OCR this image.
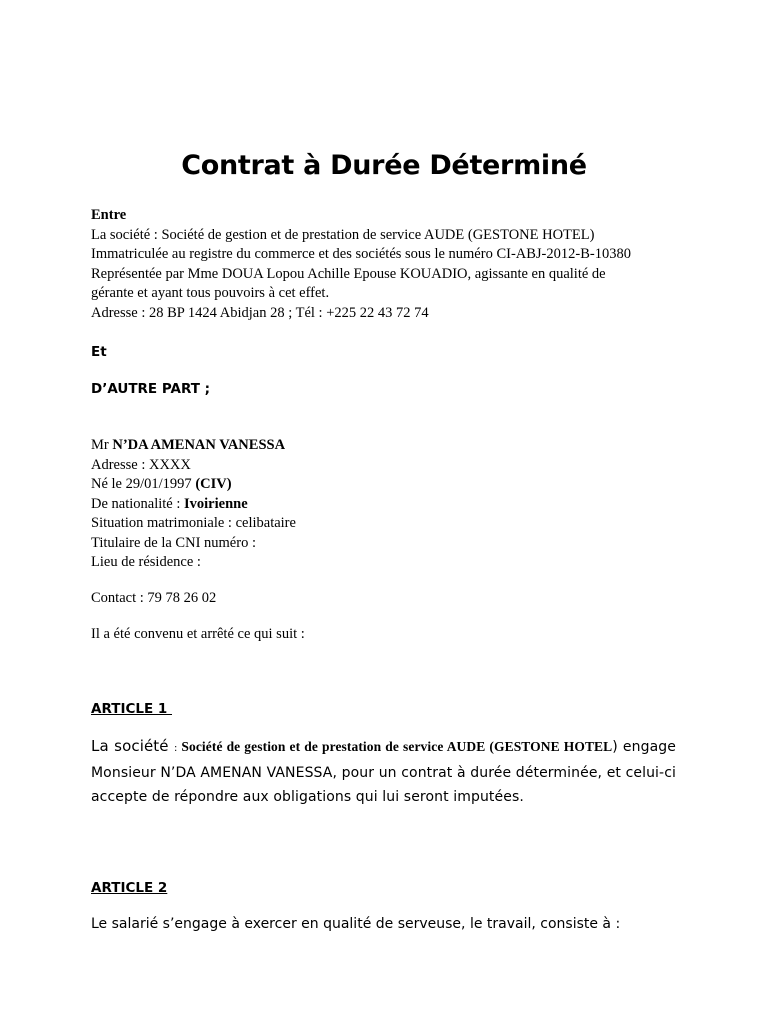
Contrat à Durée Déterminé
Entre
La société : Société de gestion et de prestation de service AUDE (GESTONE HOTEL)
Immatriculée au registre du commerce et des sociétés sous le numéro CI-ABJ-2012-B-10380
Représentée par Mme DOUA Lopou Achille Epouse KOUADIO, agissante en qualité de
gérante et ayant tous pouvoirs à cet effet.
Adresse : 28 BP 1424 Abidjan 28 ; Tél : +225 22 43 72 74
Et
D’AUTRE PART ;
Mr N’DA AMENAN VANESSA
Adresse : XXXX
Né le 29/01/1997 (CIV)
De nationalité : Ivoirienne
Situation matrimoniale : celibataire
Titulaire de la CNI numéro :
Lieu de résidence :
Contact : 79 78 26 02
Il a été convenu et arrêté ce qui suit :
ARTICLE 1
La société : Société de gestion et de prestation de service AUDE (GESTONE HOTEL) engage Monsieur N’DA AMENAN VANESSA, pour un contrat à durée déterminée, et celui-ci accepte de répondre aux obligations qui lui seront imputées.
ARTICLE 2
Le salarié s’engage à exercer en qualité de serveuse, le travail, consiste à :
